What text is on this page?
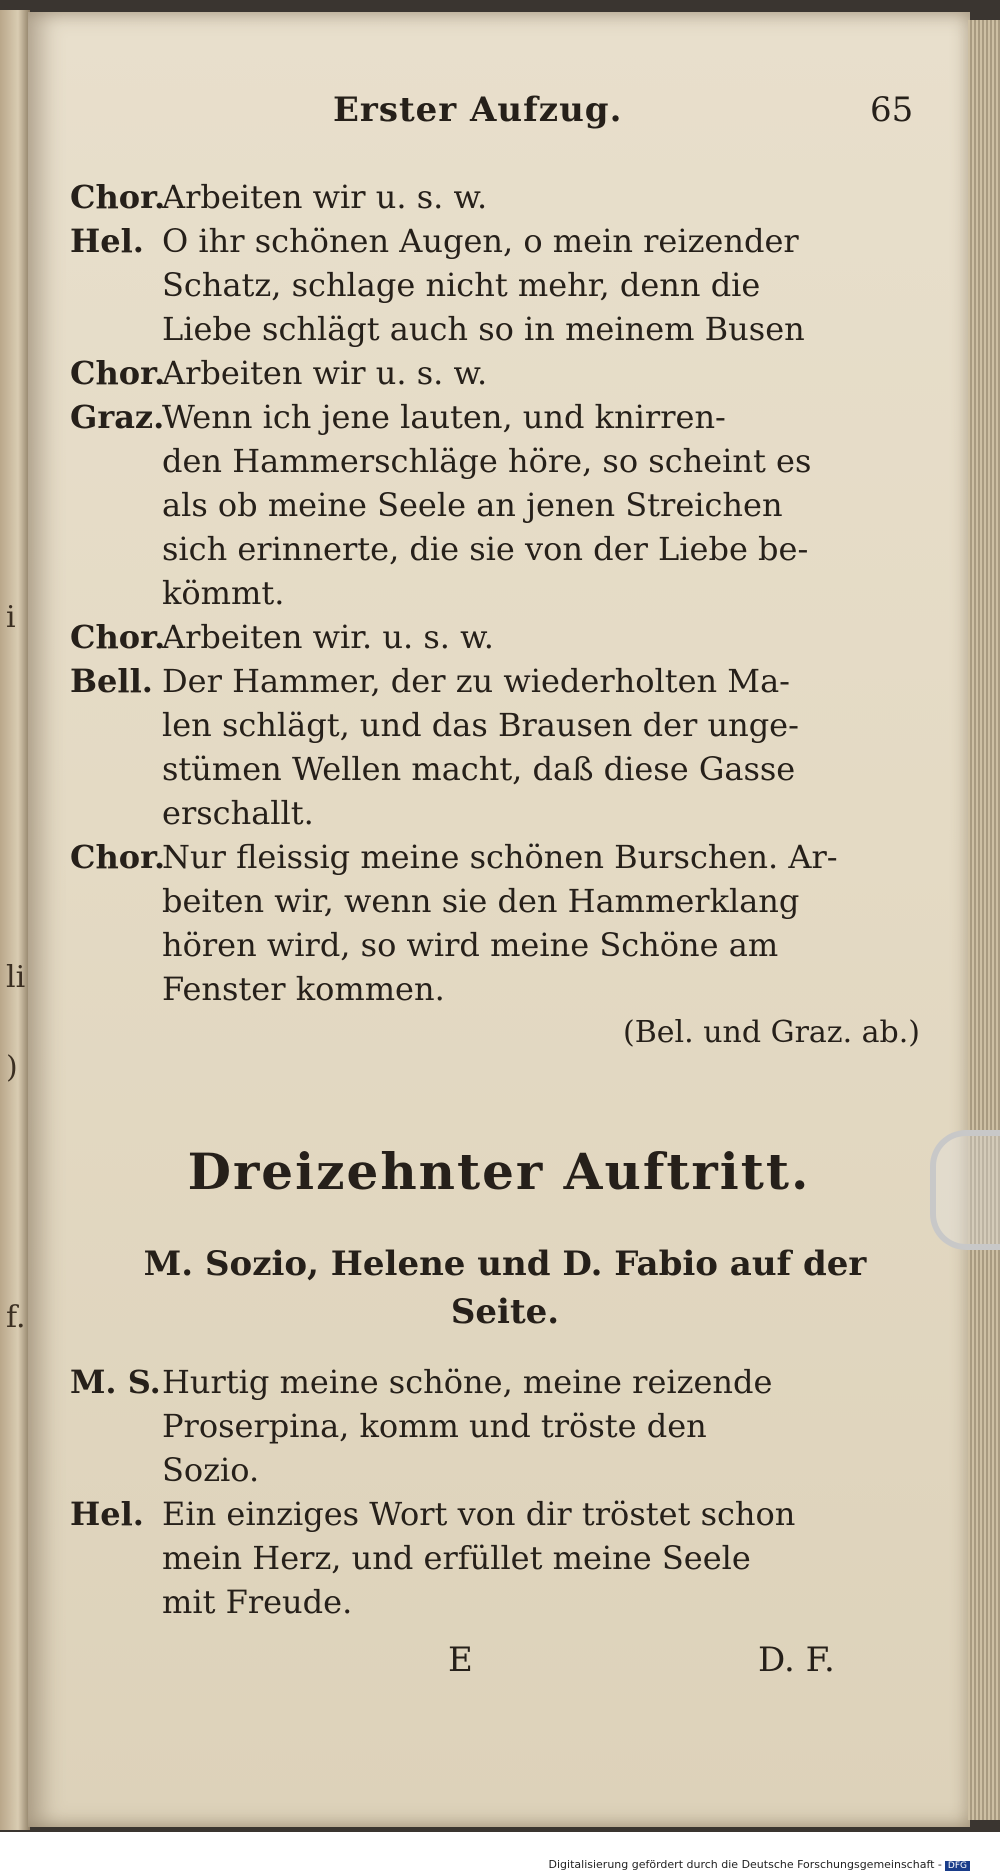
i
li
)
f.
Erster Aufzug.	65
Chor.
Arbeiten wir u. s. w.
Hel. O ihr schönen Augen, o mein reizender
Schatz, schlage nicht mehr, denn die
Liebe schlägt auch so in meinem Busen
Chor.
Arbeiten wir u. s. w.
Graz.
Wenn ich jene lauten, und knirren-
den Hammerschläge höre, so scheint es
als ob meine Seele an jenen Streichen
sich erinnerte, die sie von der Liebe be-
kömmt.
Chor.
Arbeiten wir. u. s. w.
Bell. Der Hammer, der zu wiederholten Ma-
len schlägt, und das Brausen der unge-
stümen Wellen macht, daß diese Gasse
erschallt.
Chor.
Nur fleissig meine schönen Burschen. Ar-
beiten wir, wenn sie den Hammerklang
hören wird, so wird meine Schöne am
Fenster kommen.
(Bel. und Graz. ab.)
Dreizehnter Auftritt.
M. Sozio, Helene und D. Fabio auf der
Seite.
M. S. Hurtig meine schöne, meine reizende
Proserpina, komm und tröste den
Sozio.
Hel. Ein einziges Wort von dir tröstet schon
mein Herz, und erfüllet meine Seele
mit Freude.
E	D. F.
Digitalisierung gefördert durch die Deutsche Forschungsgemeinschaft - DFG
